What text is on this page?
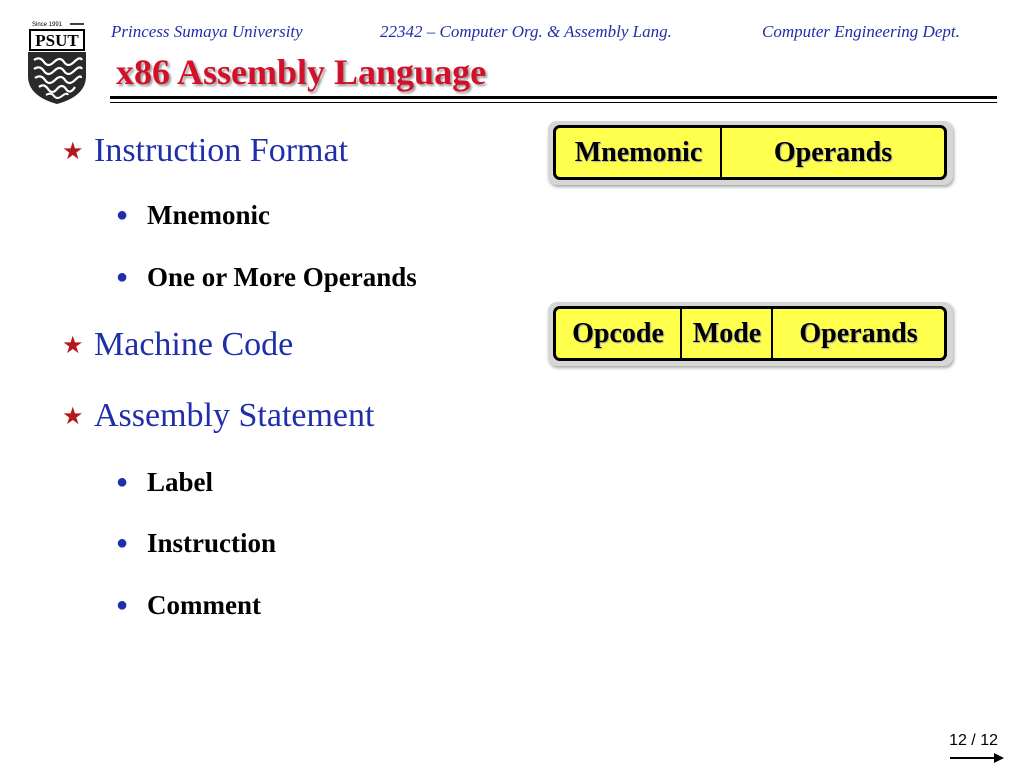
PSUT
Since 1991	Princess Sumaya University	22342 – Computer Org. & Assembly Lang.	Computer Engineering Dept.
x86 Assembly Language
★ Instruction Format
● Mnemonic
● One or More Operands
★ Machine Code
★ Assembly Statement
● Label
● Instruction
● Comment
Mnemonic	Operands
Opcode	Mode	Operands
12 / 12
